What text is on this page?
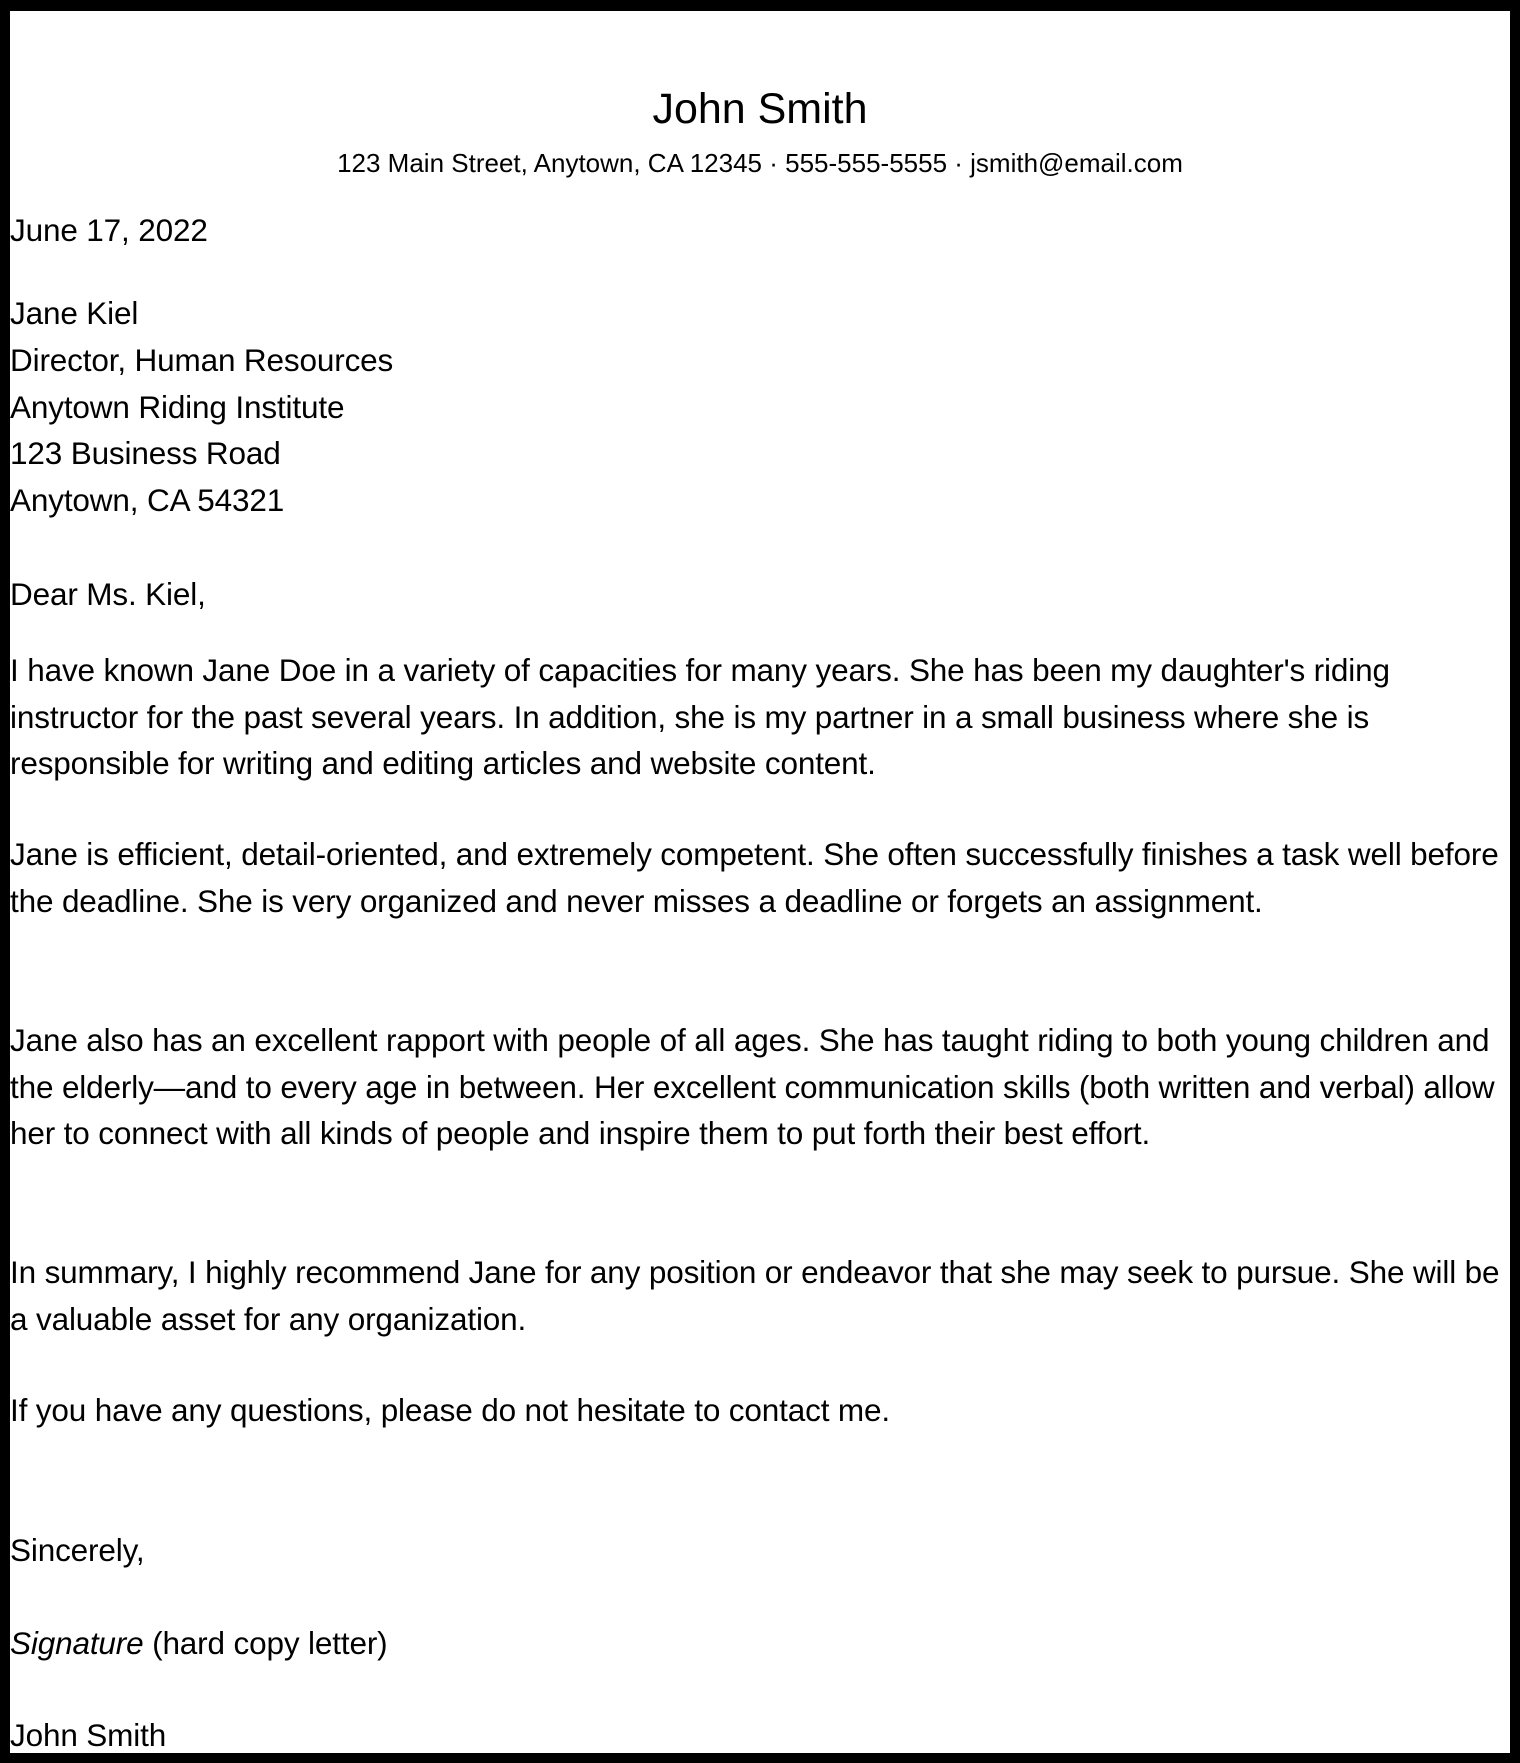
John Smith
123 Main Street, Anytown, CA 12345 · 555-555-5555 · jsmith@email.com
June 17, 2022
Jane Kiel
Director, Human Resources
Anytown Riding Institute
123 Business Road
Anytown, CA 54321
Dear Ms. Kiel,
I have known Jane Doe in a variety of capacities for many years. She has been my daughter's riding instructor for the past several years. In addition, she is my partner in a small business where she is responsible for writing and editing articles and website content.
Jane is efficient, detail-oriented, and extremely competent. She often successfully finishes a task well before the deadline. She is very organized and never misses a deadline or forgets an assignment.
Jane also has an excellent rapport with people of all ages. She has taught riding to both young children and the elderly—and to every age in between. Her excellent communication skills (both written and verbal) allow her to connect with all kinds of people and inspire them to put forth their best effort.
In summary, I highly recommend Jane for any position or endeavor that she may seek to pursue. She will be a valuable asset for any organization.
If you have any questions, please do not hesitate to contact me.
Sincerely,
Signature (hard copy letter)
John Smith
